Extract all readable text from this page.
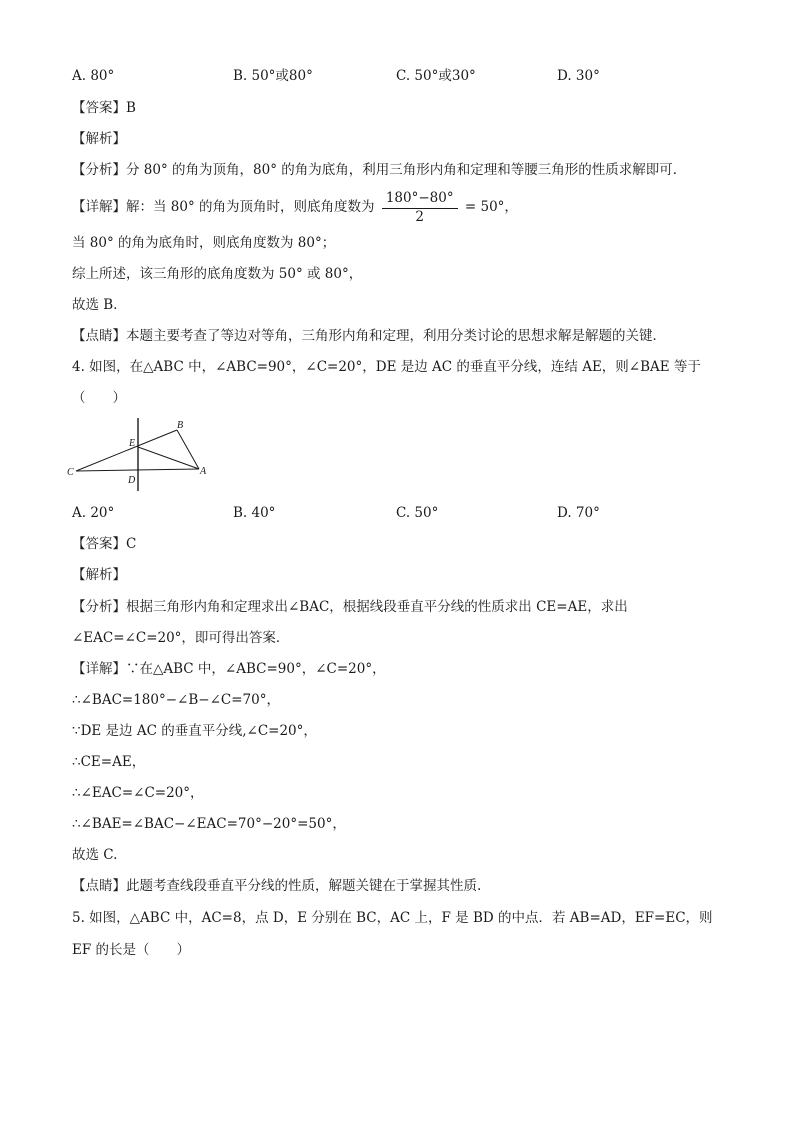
A. 80°	B. 50°或80°	C. 50°或30°	D. 30°
【答案】B
【解析】
【分析】分 80° 的角为顶角，80° 的角为底角，利用三角形内角和定理和等腰三角形的性质求解即可．
【详解】解：当 80° 的角为顶角时，则底角度数为 $\frac{180^\circ-80^\circ}{2} = 50^\circ$，
当 80° 的角为底角时，则底角度数为 80°；
综上所述，该三角形的底角度数为 50° 或 80°，
故选 B．
【点睛】本题主要考查了等边对等角，三角形内角和定理，利用分类讨论的思想求解是解题的关键．
4. 如图，在△ABC 中，∠ABC=90°，∠C=20°，DE 是边 AC 的垂直平分线，连结 AE，则∠BAE 等于
（　　）
C
B
A
E
D
A. 20°	B. 40°	C. 50°	D. 70°
【答案】C
【解析】
【分析】根据三角形内角和定理求出∠BAC，根据线段垂直平分线的性质求出 CE=AE，求出
∠EAC=∠C=20°，即可得出答案．
【详解】∵在△ABC 中，∠ABC=90°，∠C=20°，
∴∠BAC=180°−∠B−∠C=70°，
∵DE 是边 AC 的垂直平分线,∠C=20°，
∴CE=AE，
∴∠EAC=∠C=20°，
∴∠BAE=∠BAC−∠EAC=70°−20°=50°，
故选 C.
【点睛】此题考查线段垂直平分线的性质，解题关键在于掌握其性质.
5. 如图，△ABC 中，AC=8，点 D，E 分别在 BC，AC 上，F 是 BD 的中点．若 AB=AD，EF=EC，则
EF 的长是（　　）
